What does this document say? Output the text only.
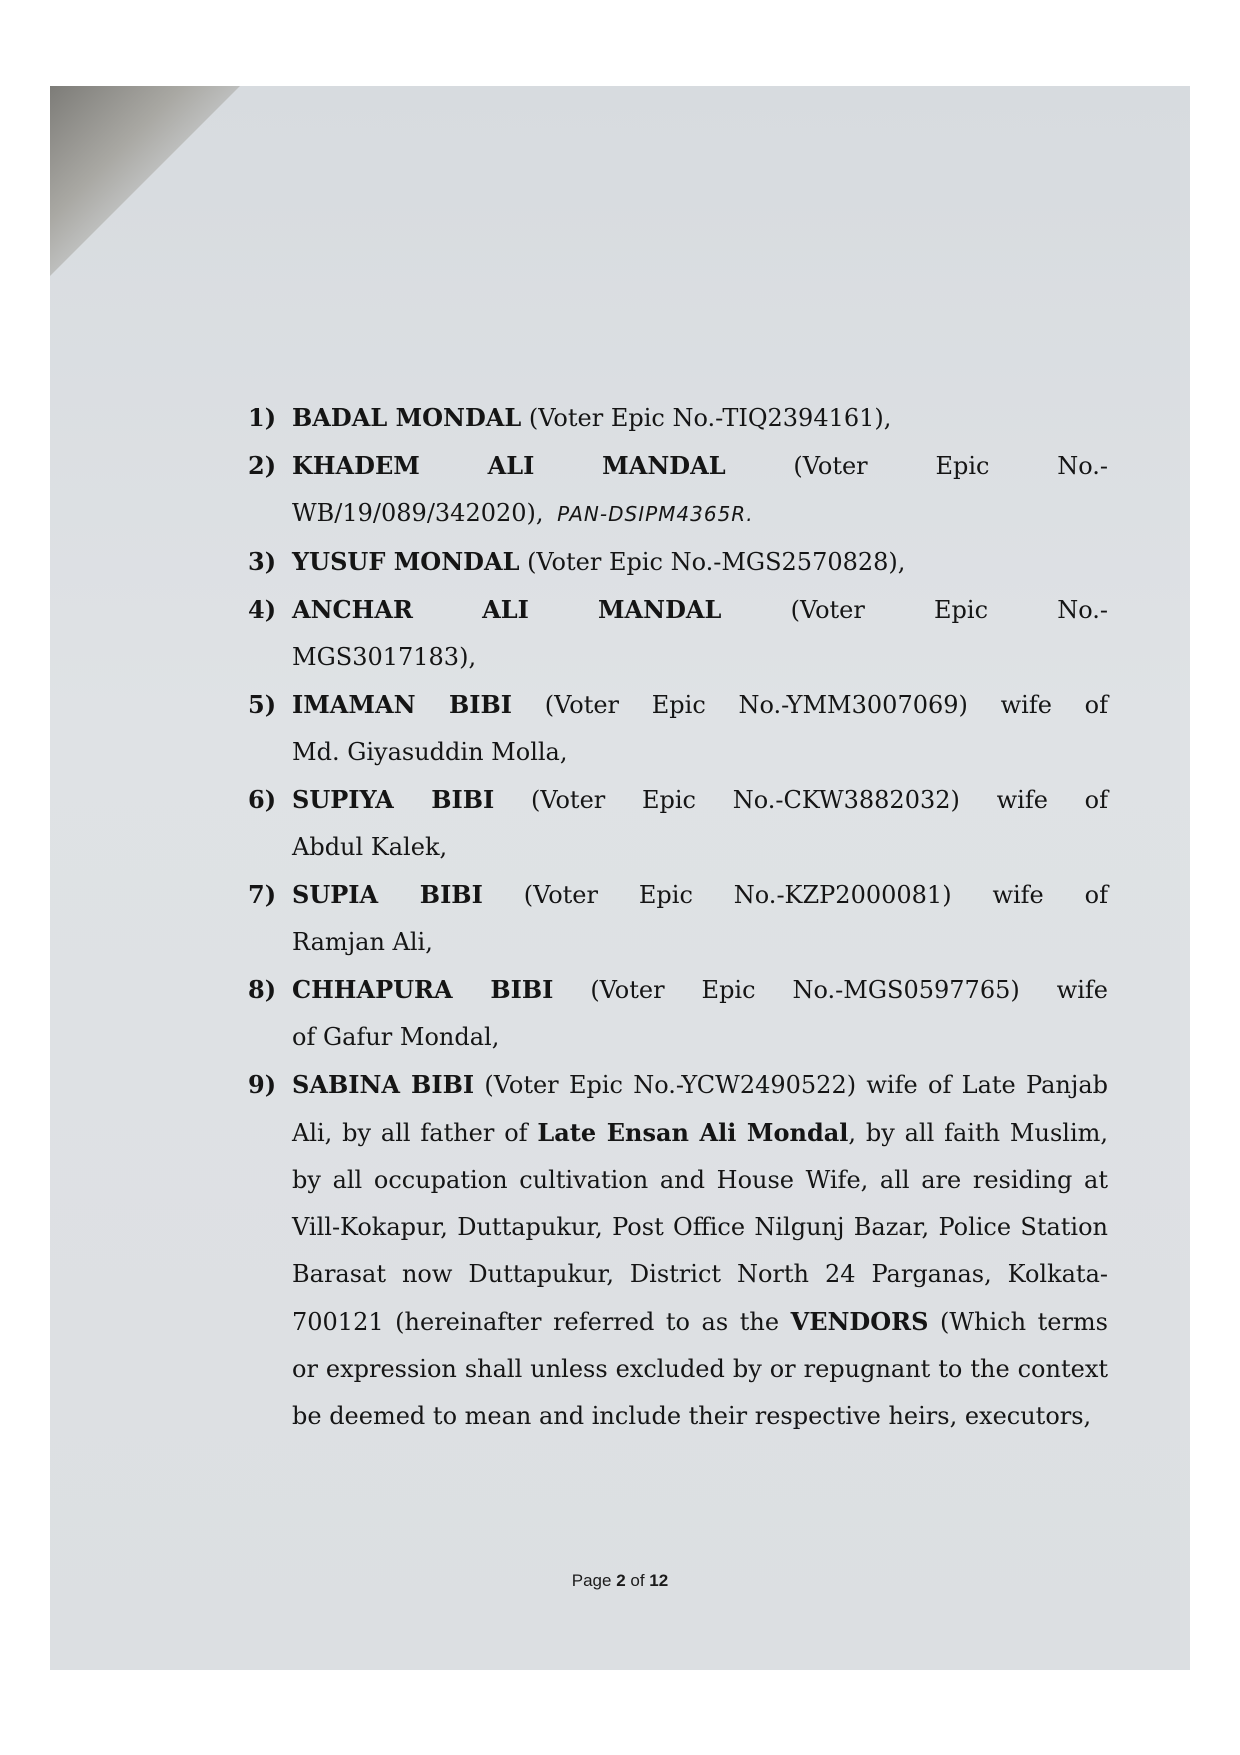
1) BADAL MONDAL (Voter Epic No.-TIQ2394161),
2) KHADEM	ALI	MANDAL	(Voter	Epic	No.-
WB/19/089/342020), PAN-DSIPM4365R.
3) YUSUF MONDAL (Voter Epic No.-MGS2570828),
4) ANCHAR	ALI	MANDAL	(Voter	Epic	No.-
MGS3017183),
5) IMAMAN BIBI (Voter Epic No.-YMM3007069) wife of
Md. Giyasuddin Molla,
6) SUPIYA BIBI (Voter Epic No.-CKW3882032) wife of
Abdul Kalek,
7) SUPIA BIBI (Voter Epic No.-KZP2000081) wife of
Ramjan Ali,
8) CHHAPURA BIBI (Voter Epic No.-MGS0597765) wife
of Gafur Mondal,
9) SABINA BIBI (Voter Epic No.-YCW2490522) wife of Late Panjab Ali, by all father of Late Ensan Ali Mondal, by all faith Muslim, by all occupation cultivation and House Wife, all are residing at Vill-Kokapur, Duttapukur, Post Office Nilgunj Bazar, Police Station Barasat now Duttapukur, District North 24 Parganas, Kolkata- 700121 (hereinafter referred to as the VENDORS (Which terms or expression shall unless excluded by or repugnant to the context be deemed to mean and include their respective heirs, executors,
Page 2 of 12
